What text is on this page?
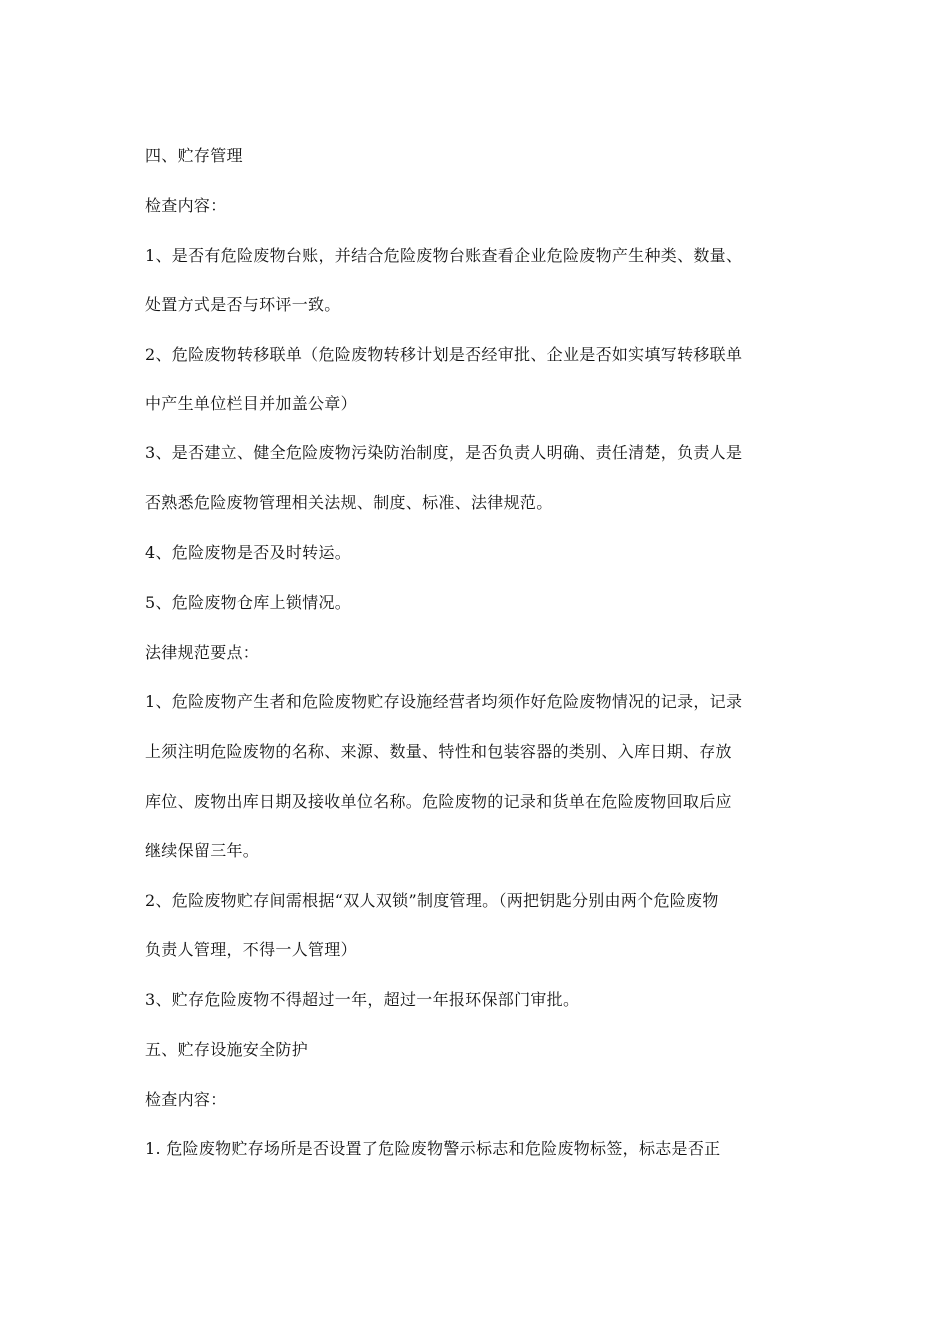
四、贮存管理
检查内容：
1、是否有危险废物台账，并结合危险废物台账查看企业危险废物产生种类、数量、
处置方式是否与环评一致。
2、危险废物转移联单（危险废物转移计划是否经审批、企业是否如实填写转移联单
中产生单位栏目并加盖公章）
3、是否建立、健全危险废物污染防治制度，是否负责人明确、责任清楚，负责人是
否熟悉危险废物管理相关法规、制度、标准、法律规范。
4、危险废物是否及时转运。
5、危险废物仓库上锁情况。
法律规范要点：
1、危险废物产生者和危险废物贮存设施经营者均须作好危险废物情况的记录，记录
上须注明危险废物的名称、来源、数量、特性和包装容器的类别、入库日期、存放
库位、废物出库日期及接收单位名称。危险废物的记录和货单在危险废物回取后应
继续保留三年。
2、危险废物贮存间需根据“双人双锁”制度管理。（两把钥匙分别由两个危险废物
负责人管理，不得一人管理）
3、贮存危险废物不得超过一年，超过一年报环保部门审批。
五、贮存设施安全防护
检查内容：
1. 危险废物贮存场所是否设置了危险废物警示标志和危险废物标签，标志是否正
